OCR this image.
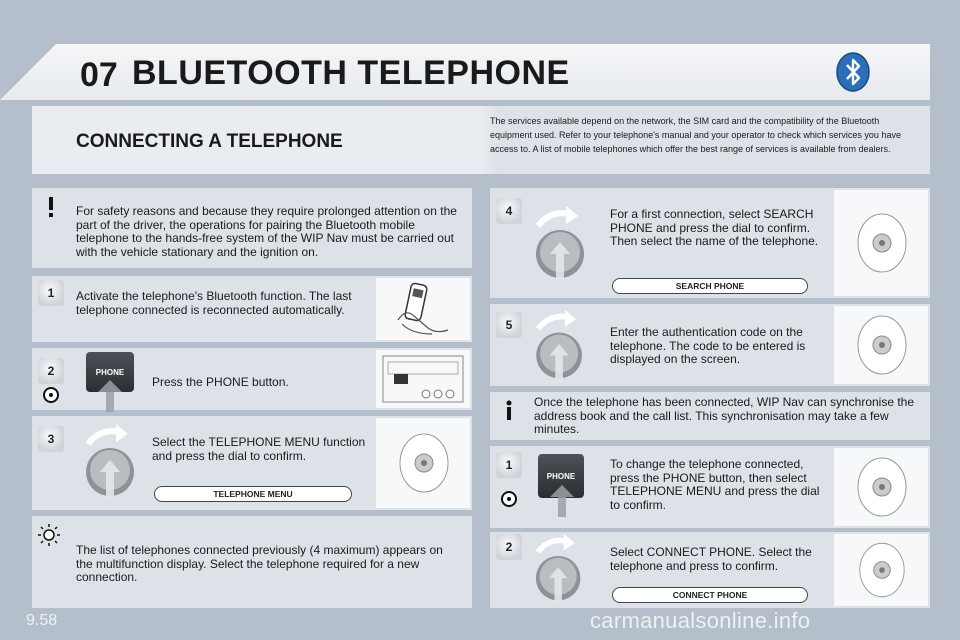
07 BLUETOOTH TELEPHONE
CONNECTING A TELEPHONE
The services available depend on the network, the SIM card and the compatibility of the Bluetooth equipment used. Refer to your telephone's manual and your operator to check which services you have access to. A list of mobile telephones which offer the best range of services is available from dealers.
For safety reasons and because they require prolonged attention on the part of the driver, the operations for pairing the Bluetooth mobile telephone to the hands-free system of the WIP Nav must be carried out with the vehicle stationary and the ignition on.
1	Activate the telephone's Bluetooth function. The last telephone connected is reconnected automatically.
2	PHONE
Press the PHONE button.
3	Select the TELEPHONE MENU function and press the dial to confirm.
TELEPHONE MENU
The list of telephones connected previously (4 maximum) appears on the multifunction display. Select the telephone required for a new connection.
4	For a first connection, select SEARCH PHONE and press the dial to confirm. Then select the name of the telephone.
SEARCH PHONE
5	Enter the authentication code on the telephone. The code to be entered is displayed on the screen.
Once the telephone has been connected, WIP Nav can synchronise the address book and the call list. This synchronisation may take a few minutes.
1
PHONE
To change the telephone connected, press the PHONE button, then select TELEPHONE MENU and press the dial to confirm.
2	Select CONNECT PHONE. Select the telephone and press to confirm.
CONNECT PHONE
9.58	carmanualsonline.info
